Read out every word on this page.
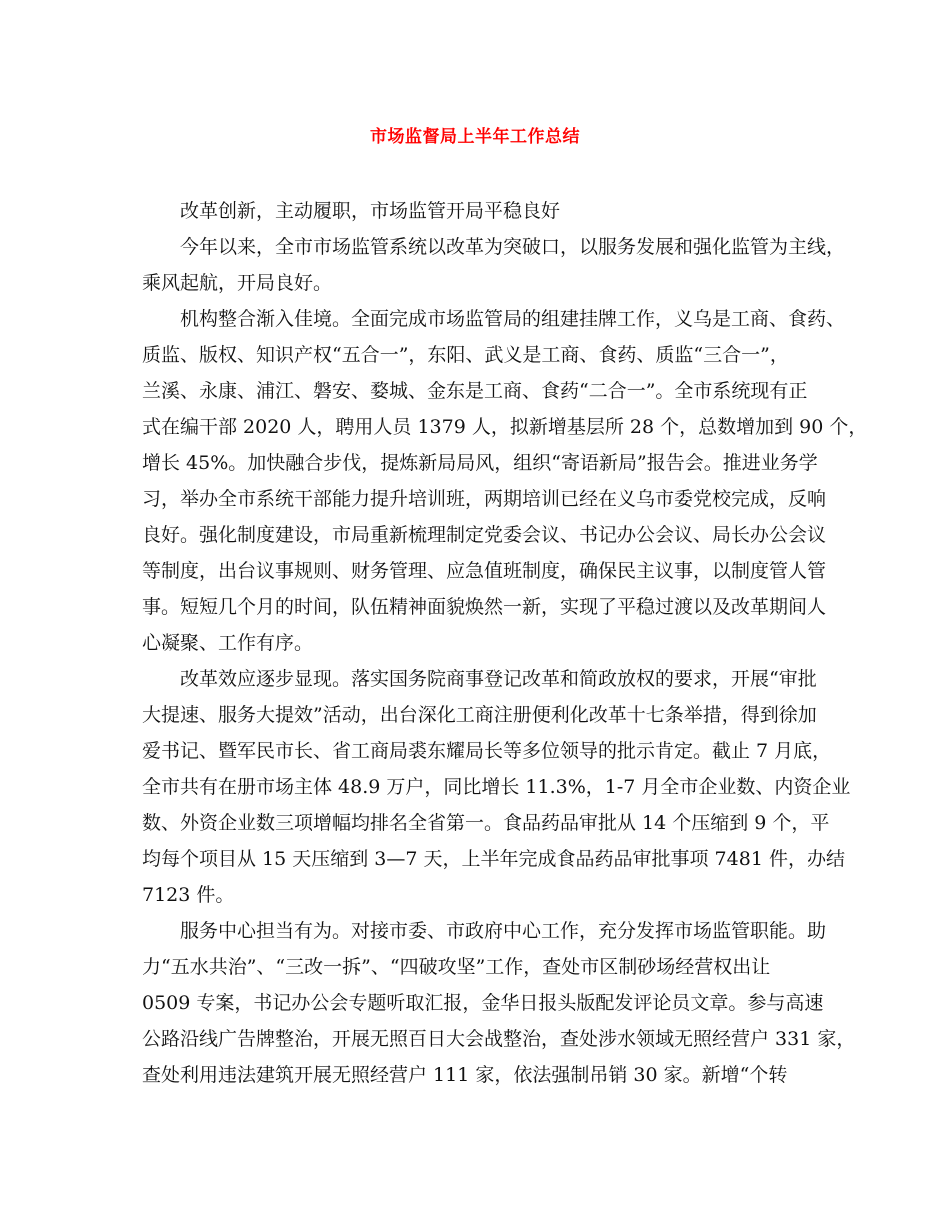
市场监督局上半年工作总结

改革创新，主动履职，市场监管开局平稳良好

今年以来，全市市场监管系统以改革为突破口，以服务发展和强化监管为主线，
乘风起航，开局良好。

机构整合渐入佳境。全面完成市场监管局的组建挂牌工作，义乌是工商、食药、
质监、版权、知识产权“五合一”，东阳、武义是工商、食药、质监“三合一”，
兰溪、永康、浦江、磐安、婺城、金东是工商、食药“二合一”。全市系统现有正
式在编干部 2020 人，聘用人员 1379 人，拟新增基层所 28 个，总数增加到 90 个，
增长 45%。加快融合步伐，提炼新局局风，组织“寄语新局”报告会。推进业务学
习，举办全市系统干部能力提升培训班，两期培训已经在义乌市委党校完成，反响
良好。强化制度建设，市局重新梳理制定党委会议、书记办公会议、局长办公会议
等制度，出台议事规则、财务管理、应急值班制度，确保民主议事，以制度管人管
事。短短几个月的时间，队伍精神面貌焕然一新，实现了平稳过渡以及改革期间人
心凝聚、工作有序。

改革效应逐步显现。落实国务院商事登记改革和简政放权的要求，开展“审批
大提速、服务大提效”活动，出台深化工商注册便利化改革十七条举措，得到徐加
爱书记、暨军民市长、省工商局裘东耀局长等多位领导的批示肯定。截止 7 月底，
全市共有在册市场主体 48.9 万户，同比增长 11.3%，1-7 月全市企业数、内资企业
数、外资企业数三项增幅均排名全省第一。食品药品审批从 14 个压缩到 9 个，平
均每个项目从 15 天压缩到 3—7 天，上半年完成食品药品审批事项 7481 件，办结
7123 件。

服务中心担当有为。对接市委、市政府中心工作，充分发挥市场监管职能。助
力“五水共治”、“三改一拆”、“四破攻坚”工作，查处市区制砂场经营权出让
0509 专案，书记办公会专题听取汇报，金华日报头版配发评论员文章。参与高速
公路沿线广告牌整治，开展无照百日大会战整治，查处涉水领域无照经营户 331 家，
查处利用违法建筑开展无照经营户 111 家，依法强制吊销 30 家。新增“个转
